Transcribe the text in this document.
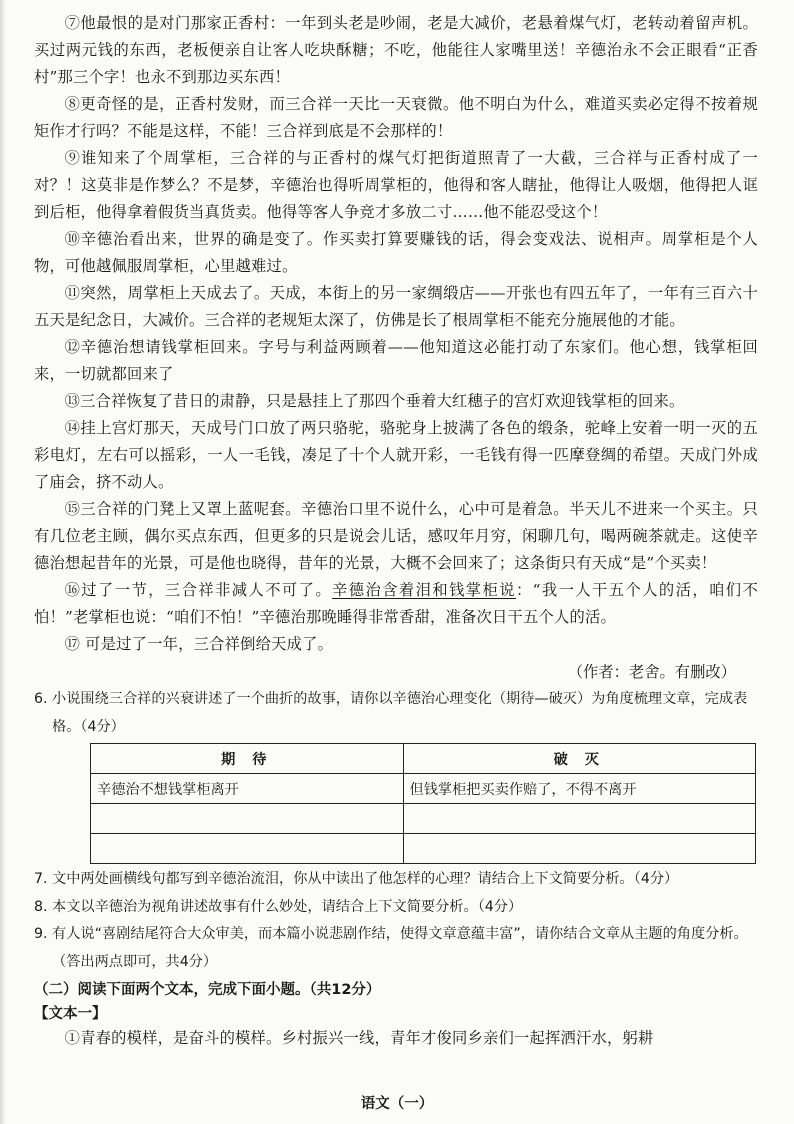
⑦他最恨的是对门那家正香村：一年到头老是吵闹，老是大减价，老悬着煤气灯，老转动着留声机。买过两元钱的东西，老板便亲自让客人吃块酥糖；不吃，他能往人家嘴里送！辛德治永不会正眼看“正香村”那三个字！也永不到那边买东西！

⑧更奇怪的是，正香村发财，而三合祥一天比一天衰微。他不明白为什么，难道买卖必定得不按着规矩作才行吗？不能是这样，不能！三合祥到底是不会那样的！

⑨谁知来了个周掌柜，三合祥的与正香村的煤气灯把街道照青了一大截，三合祥与正香村成了一对？！这莫非是作梦么？不是梦，辛德治也得听周掌柜的，他得和客人瞎扯，他得让人吸烟，他得把人诓到后柜，他得拿着假货当真货卖。他得等客人争竞才多放二寸……他不能忍受这个！

⑩辛德治看出来，世界的确是变了。作买卖打算要赚钱的话，得会变戏法、说相声。周掌柜是个人物，可他越佩服周掌柜，心里越难过。

⑪突然，周掌柜上天成去了。天成，本街上的另一家绸缎店——开张也有四五年了，一年有三百六十五天是纪念日，大减价。三合祥的老规矩太深了，仿佛是长了根周掌柜不能充分施展他的才能。

⑫辛德治想请钱掌柜回来。字号与利益两顾着——他知道这必能打动了东家们。他心想，钱掌柜回来，一切就都回来了

⑬三合祥恢复了昔日的肃静，只是悬挂上了那四个垂着大红穗子的宫灯欢迎钱掌柜的回来。

⑭挂上宫灯那天，天成号门口放了两只骆驼，骆驼身上披满了各色的缎条，驼峰上安着一明一灭的五彩电灯，左右可以摇彩，一人一毛钱，凑足了十个人就开彩，一毛钱有得一匹摩登绸的希望。天成门外成了庙会，挤不动人。

⑮三合祥的门凳上又罩上蓝呢套。辛德治口里不说什么，心中可是着急。半天儿不进来一个买主。只有几位老主顾，偶尔买点东西，但更多的只是说会儿话，感叹年月穷，闲聊几句，喝两碗茶就走。这使辛德治想起昔年的光景，可是他也晓得，昔年的光景，大概不会回来了；这条街只有天成“是”个买卖！

⑯过了一节，三合祥非减人不可了。辛德治含着泪和钱掌柜说：“我一人干五个人的活，咱们不怕！”老掌柜也说：“咱们不怕！”辛德治那晚睡得非常香甜，准备次日干五个人的活。

⑰ 可是过了一年，三合祥倒给天成了。

（作者：老舍。有删改）

6. 小说围绕三合祥的兴衰讲述了一个曲折的故事，请你以辛德治心理变化（期待—破灭）为角度梳理文章，完成表格。（4分）

期 待	破 灭
辛德治不想钱掌柜离开	但钱掌柜把买卖作赔了，不得不离开

7. 文中两处画横线句都写到辛德治流泪，你从中读出了他怎样的心理？请结合上下文简要分析。（4分）

8. 本文以辛德治为视角讲述故事有什么妙处，请结合上下文简要分析。（4分）

9. 有人说“喜剧结尾符合大众审美，而本篇小说悲剧作结，使得文章意蕴丰富”，请你结合文章从主题的角度分析。（答出两点即可，共4分）

（二）阅读下面两个文本，完成下面小题。（共12分）

【文本一】

①青春的模样，是奋斗的模样。乡村振兴一线，青年才俊同乡亲们一起挥洒汗水，躬耕

语文（一）
